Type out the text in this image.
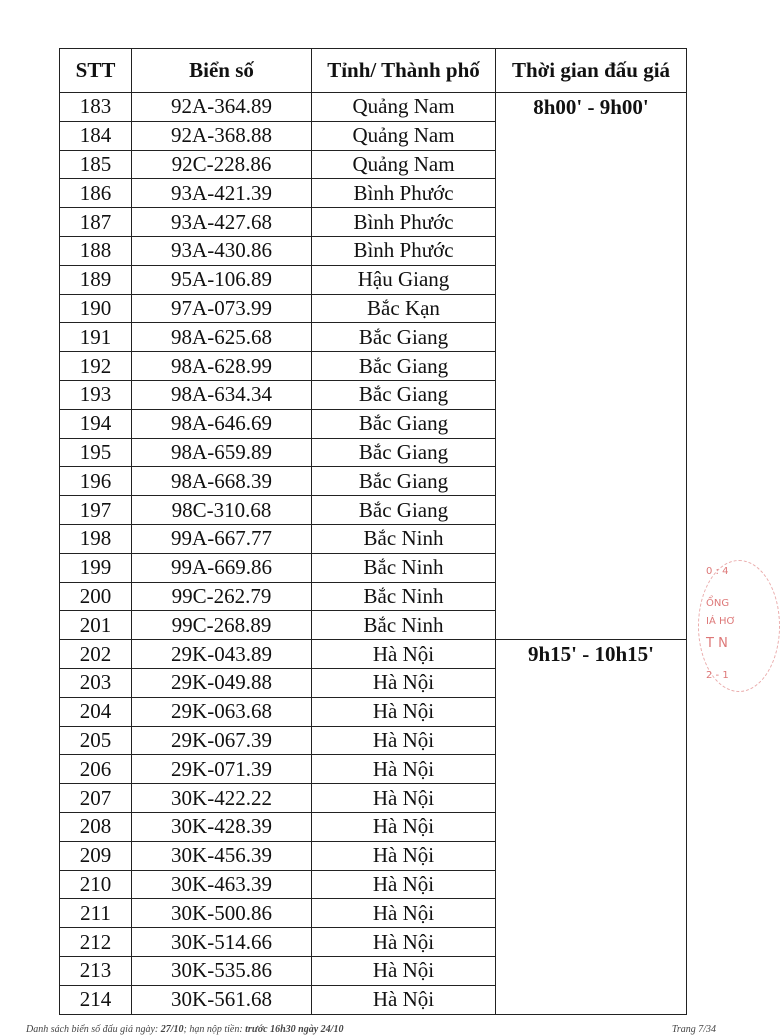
STT	Biển số	Tỉnh/ Thành phố	Thời gian đấu giá
183	92A-364.89	Quảng Nam	8h00' - 9h00'
184	92A-368.88	Quảng Nam	
185	92C-228.86	Quảng Nam	
186	93A-421.39	Bình Phước	
187	93A-427.68	Bình Phước	
188	93A-430.86	Bình Phước	
189	95A-106.89	Hậu Giang	
190	97A-073.99	Bắc Kạn	
191	98A-625.68	Bắc Giang	
192	98A-628.99	Bắc Giang	
193	98A-634.34	Bắc Giang	
194	98A-646.69	Bắc Giang	
195	98A-659.89	Bắc Giang	
196	98A-668.39	Bắc Giang	
197	98C-310.68	Bắc Giang	
198	99A-667.77	Bắc Ninh	
199	99A-669.86	Bắc Ninh	
200	99C-262.79	Bắc Ninh	
201	99C-268.89	Bắc Ninh	
202	29K-043.89	Hà Nội	9h15' - 10h15'
203	29K-049.88	Hà Nội	
204	29K-063.68	Hà Nội	
205	29K-067.39	Hà Nội	
206	29K-071.39	Hà Nội	
207	30K-422.22	Hà Nội	
208	30K-428.39	Hà Nội	
209	30K-456.39	Hà Nội	
210	30K-463.39	Hà Nội	
211	30K-500.86	Hà Nội	
212	30K-514.66	Hà Nội	
213	30K-535.86	Hà Nội	
214	30K-561.68	Hà Nội	
Danh sách biển số đấu giá ngày: 27/10; hạn nộp tiền: trước 16h30 ngày 24/10	Trang 7/34
0 : 4
ỔNG
IÁ HƠ
T N
2 - 1
